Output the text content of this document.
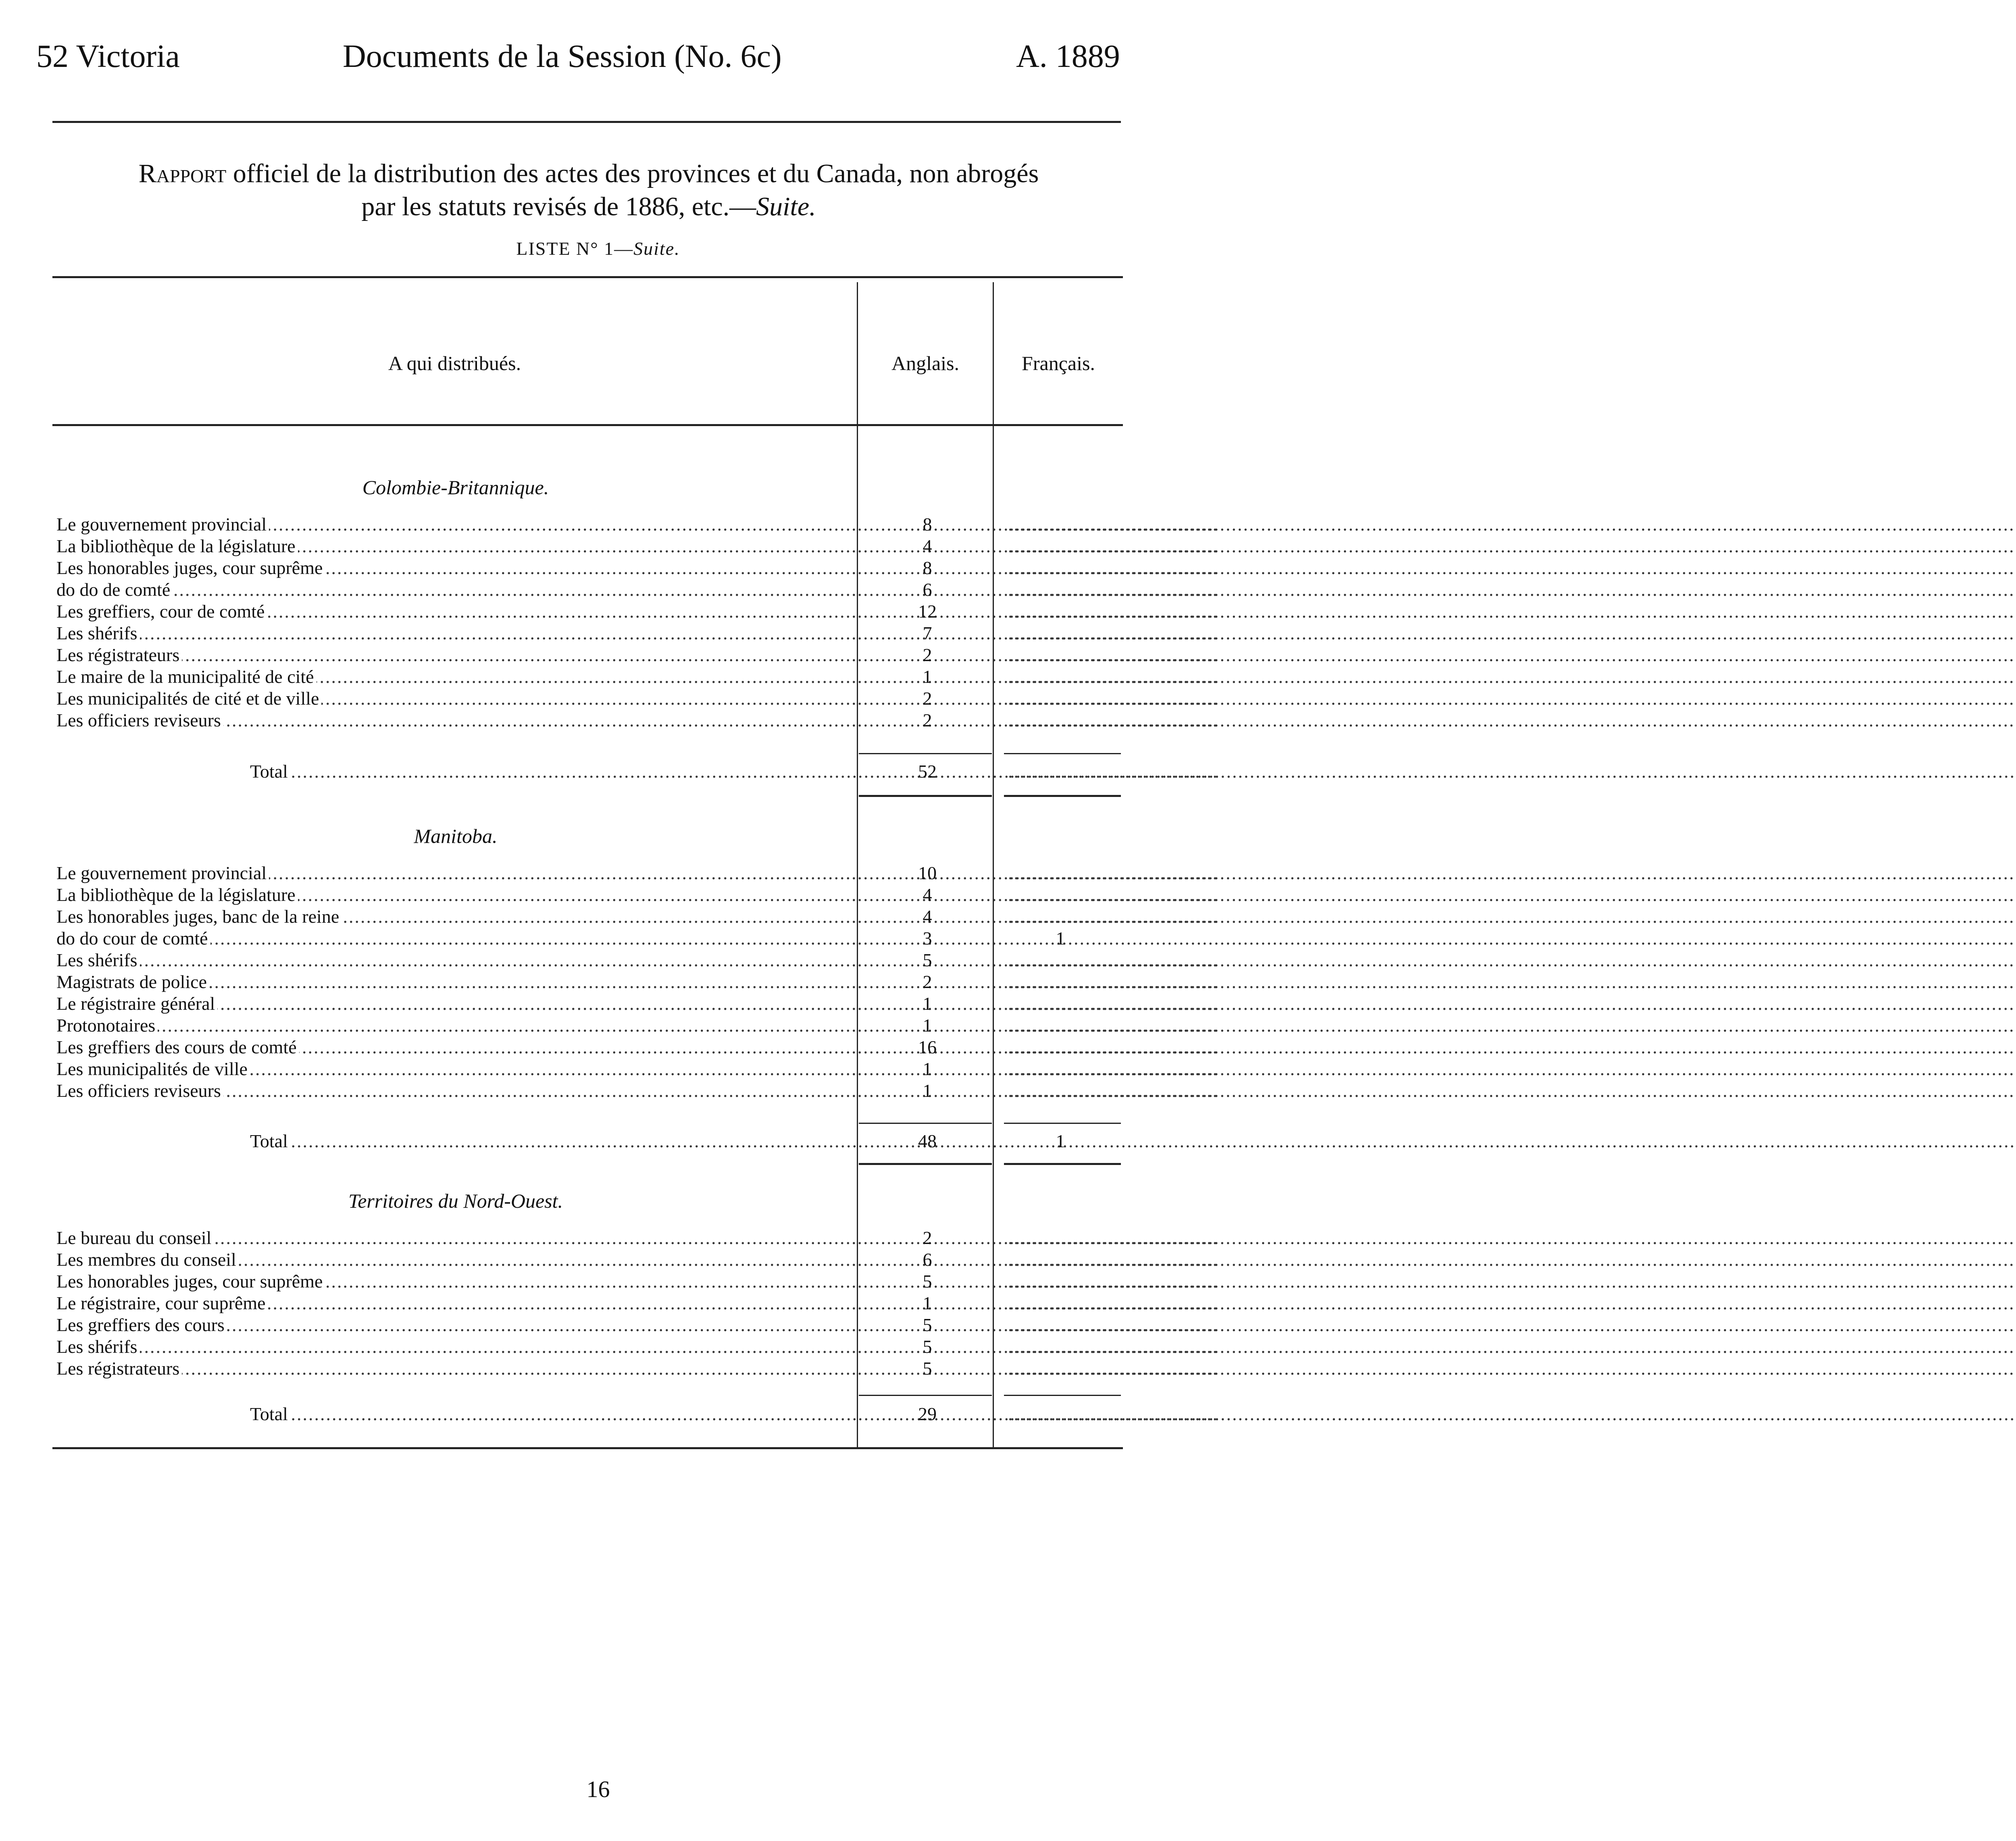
52 Victoria	Documents de la Session (No. 6c)	A. 1889
Rapport officiel de la distribution des actes des provinces et du Canada, non abrogés
par les statuts revisés de 1886, etc.—Suite.
LISTE N° 1—Suite.
A qui distribués.	Anglais.	Français.
Colombie-Britannique.
Le gouvernement provincial .....	8	....................................
La bibliothèque de la législature .....	4	....................................
Les honorables juges, cour suprême .....	8	....................................
do do de comté .....	6	....................................
Les greffiers, cour de comté .....	12	....................................
Les shérifs .....	7	....................................
Les régistrateurs .....	2	....................................
Le maire de la municipalité de cité .....	1	....................................
Les municipalités de cité et de ville .....	2	....................................
Les officiers reviseurs .....	2	....................................
Total .....	52	....................................
Manitoba.
Le gouvernement provincial .....	10	....................................
La bibliothèque de la législature .....	4	....................................
Les honorables juges, banc de la reine .....	4	....................................
do do cour de comté .....	3	1
Les shérifs .....	5	....................................
Magistrats de police .....	2	....................................
Le régistraire général .....	1	....................................
Protonotaires .....	1	....................................
Les greffiers des cours de comté .....	16	....................................
Les municipalités de ville .....	1	....................................
Les officiers reviseurs .....	1	....................................
Total .....	48	1
Territoires du Nord-Ouest.
Le bureau du conseil .....	2	....................................
Les membres du conseil .....	6	....................................
Les honorables juges, cour suprême .....	5	....................................
Le régistraire, cour suprême .....	1	....................................
Les greffiers des cours .....	5	....................................
Les shérifs .....	5	....................................
Les régistrateurs .....	5	....................................
Total .....	29	....................................
16
